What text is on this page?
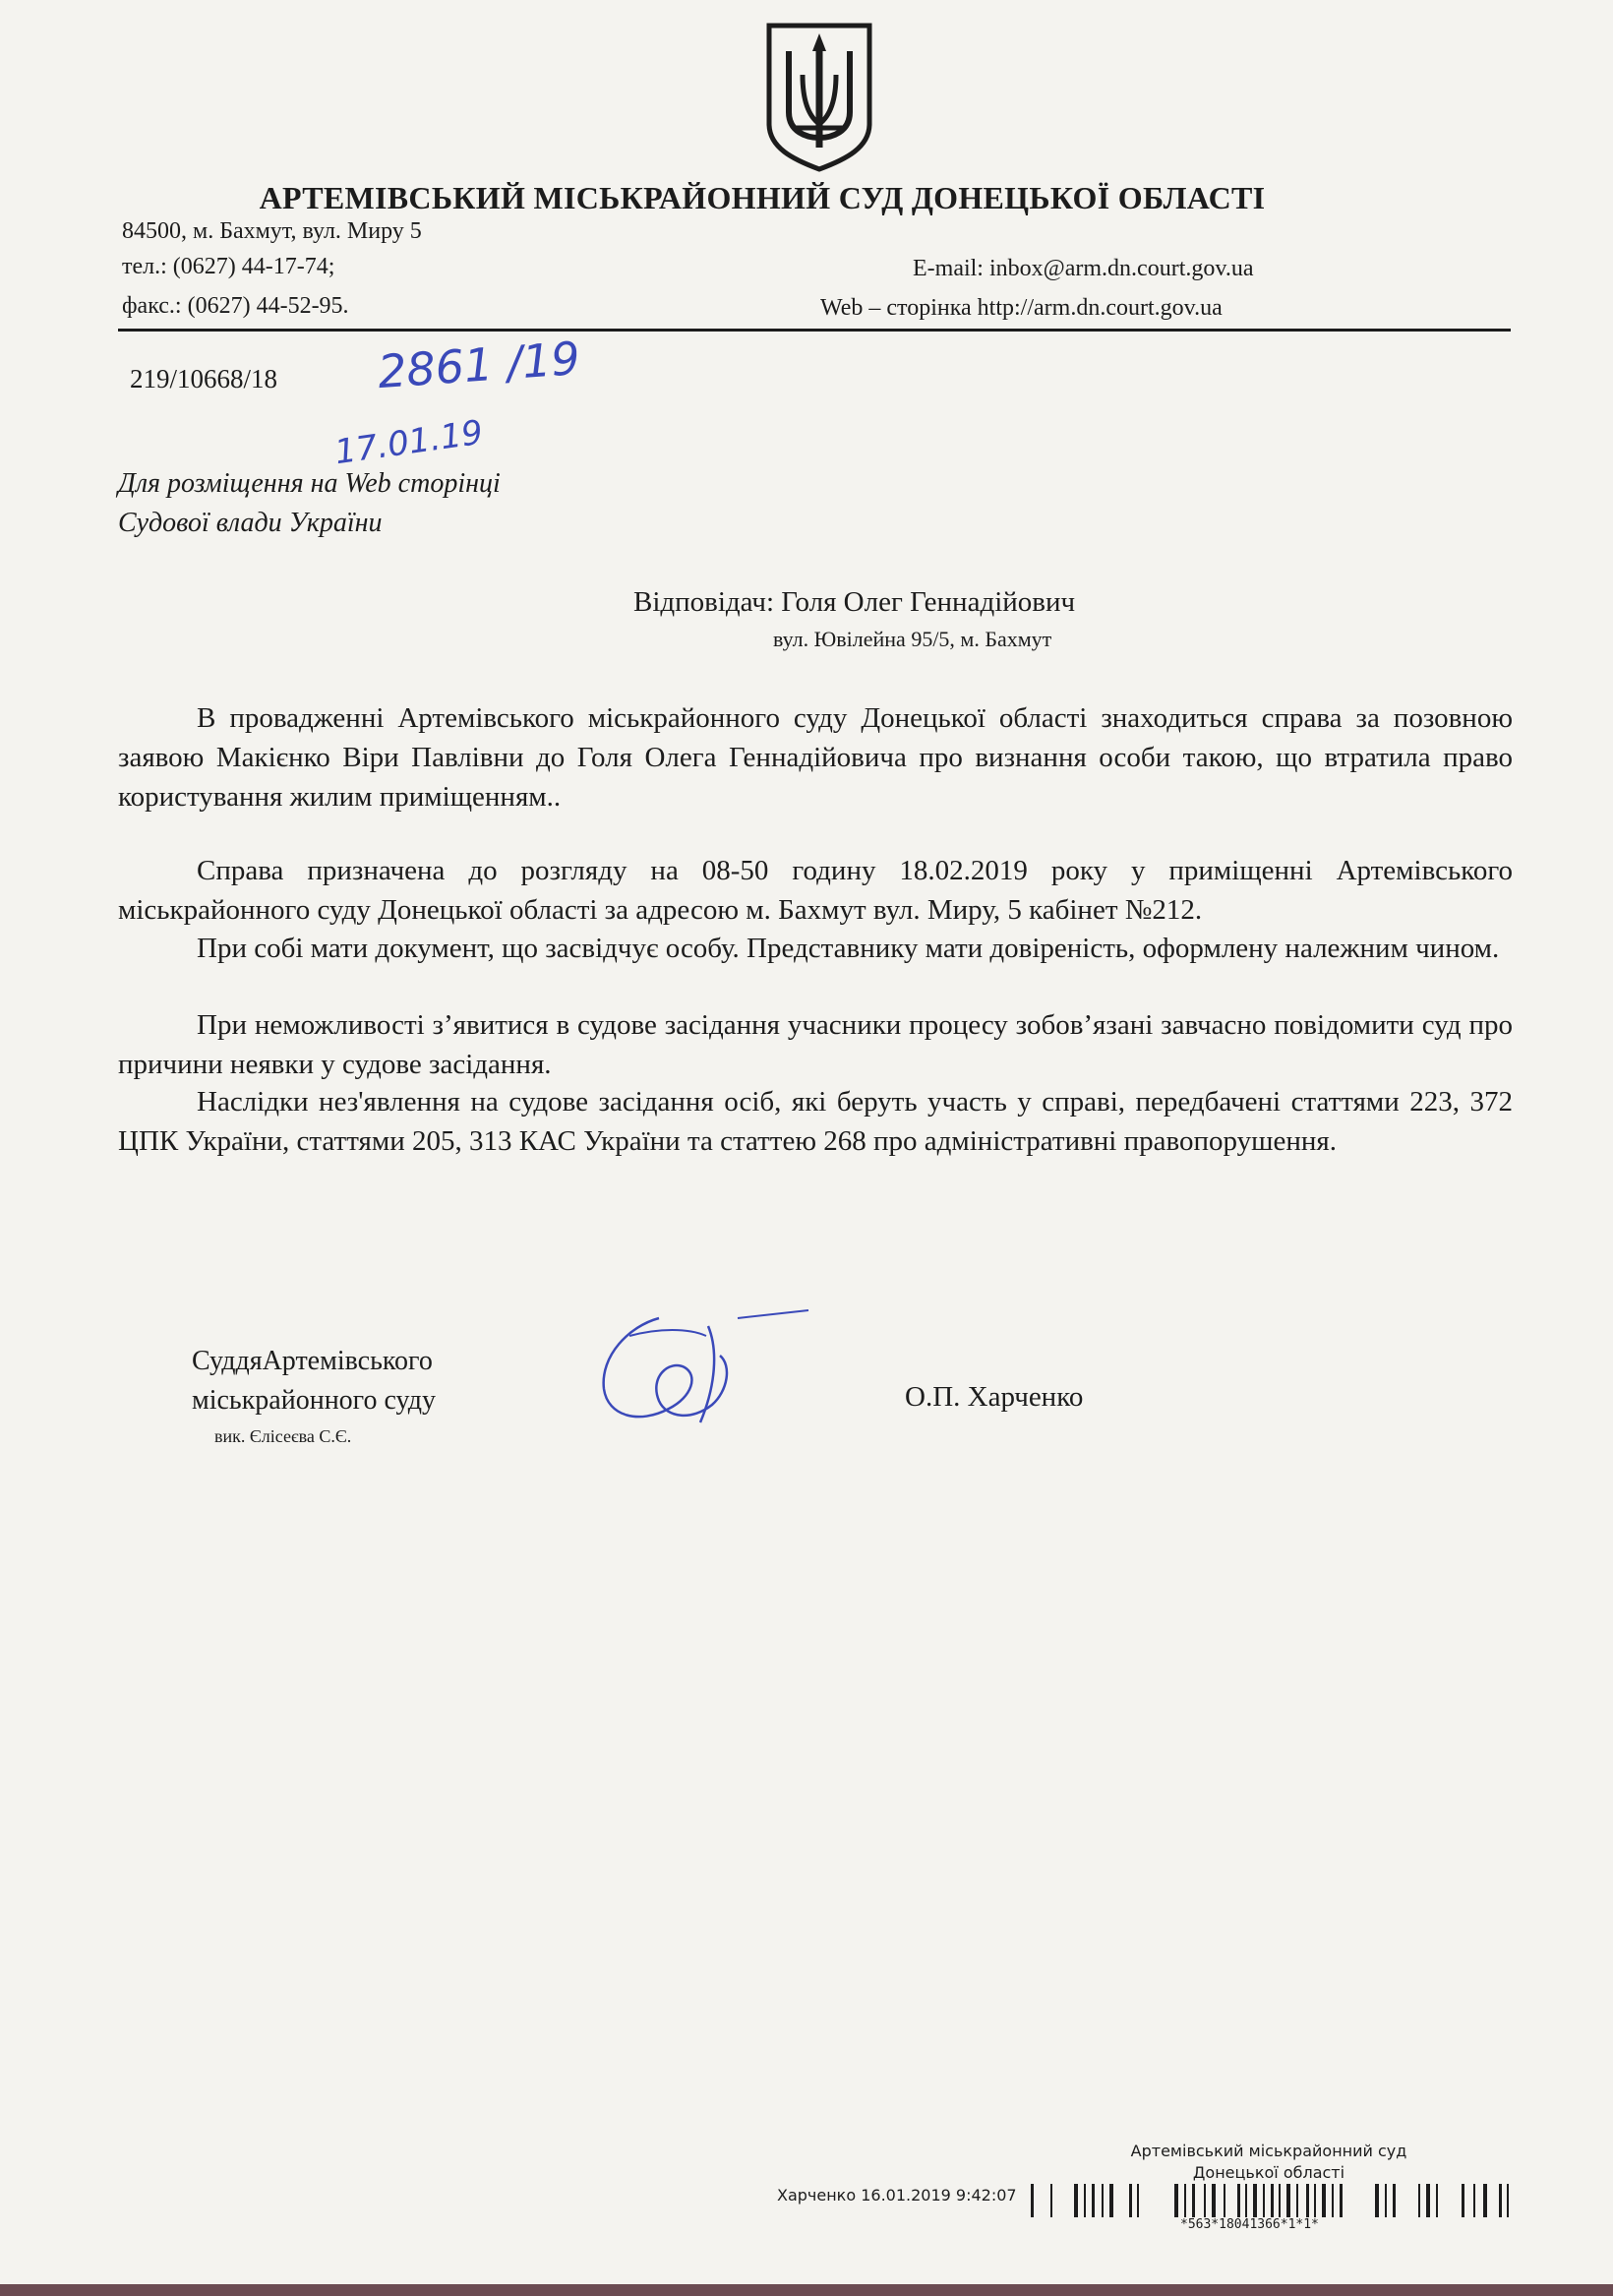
АРТЕМІВСЬКИЙ МІСЬКРАЙОННИЙ СУД ДОНЕЦЬКОЇ ОБЛАСТІ
84500, м. Бахмут, вул. Миру 5
тел.: (0627) 44-17-74;
факс.: (0627) 44-52-95.
E-mail: inbox@arm.dn.court.gov.ua
Web – сторінка http://arm.dn.court.gov.ua
219/10668/18 2861 /19
17.01.19
Для розміщення на Web сторінці
Судової влади України
Відповідач: Голя Олег Геннадійович
вул. Ювілейна 95/5, м. Бахмут
В провадженні Артемівського міськрайонного суду Донецької області знаходиться справа за позовною заявою Макієнко Віри Павлівни до Голя Олега Геннадійовича про визнання особи такою, що втратила право користування жилим приміщенням..
Справа призначена до розгляду на 08-50 годину 18.02.2019 року у приміщенні Артемівського міськрайонного суду Донецької області за адресою м. Бахмут вул. Миру, 5 кабінет №212.
При собі мати документ, що засвідчує особу. Представнику мати довіреність, оформлену належним чином.
При неможливості з’явитися в судове засідання учасники процесу зобов’язані завчасно повідомити суд про причини неявки у судове засідання.
Наслідки нез'явлення на судове засідання осіб, які беруть участь у справі, передбачені статтями 223, 372 ЦПК України, статтями 205, 313 КАС України та статтею 268 про адміністративні правопорушення.
СуддяАртемівського
міськрайонного суду
вик. Єлісеєва С.Є.
О.П. Харченко
Артемівський міськрайонний суд
Донецької області
Харченко 16.01.2019 9:42:07
*563*18041366*1*1*
